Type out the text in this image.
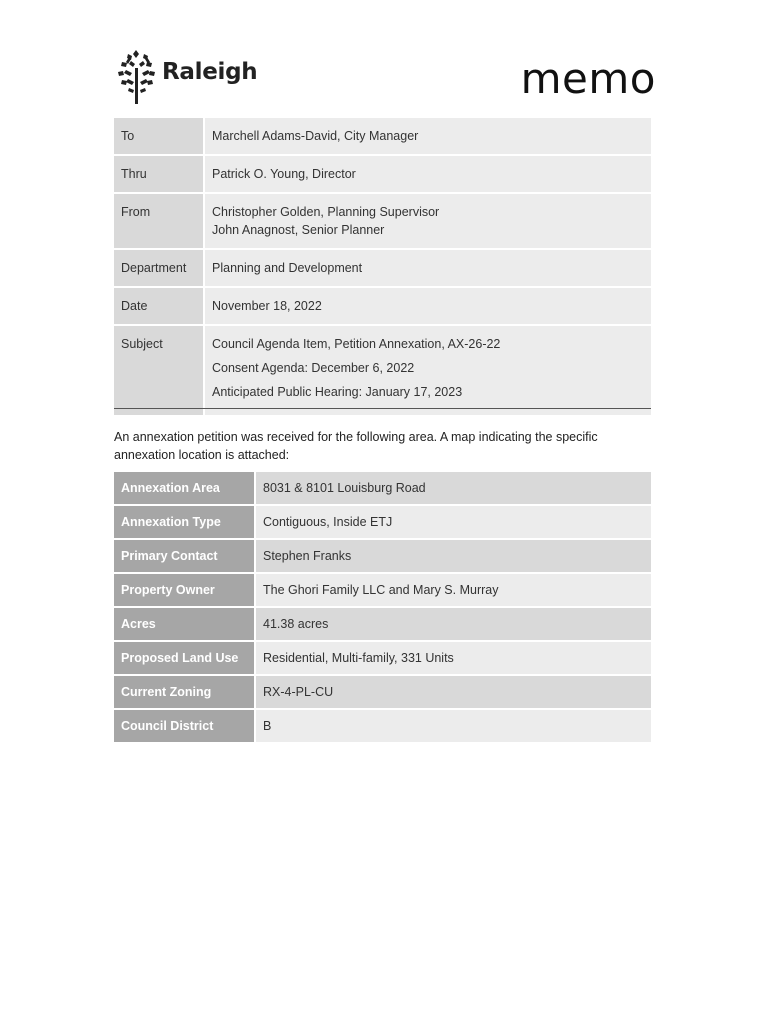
Raleigh	memo
To	Marchell Adams-David, City Manager
Thru	Patrick O. Young, Director
From	Christopher Golden, Planning Supervisor
John Anagnost, Senior Planner

Department	Planning and Development
Date	November 18, 2022
Subject	Council Agenda Item, Petition Annexation, AX-26-22
Consent Agenda: December 6, 2022
Anticipated Public Hearing: January 17, 2023
An annexation petition was received for the following area. A map indicating the specific annexation location is attached:
Annexation Area	8031 & 8101 Louisburg Road
Annexation Type	Contiguous, Inside ETJ
Primary Contact	Stephen Franks
Property Owner	The Ghori Family LLC and Mary S. Murray
Acres	41.38 acres
Proposed Land Use	Residential, Multi-family, 331 Units
Current Zoning	RX-4-PL-CU
Council District	B
